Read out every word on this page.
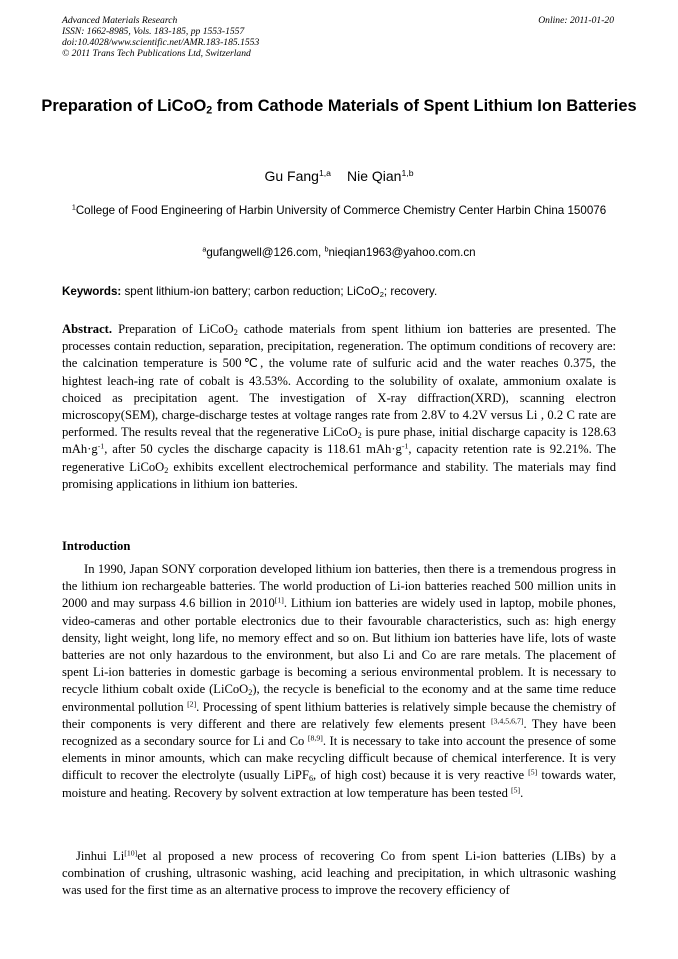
Advanced Materials Research
ISSN: 1662-8985, Vols. 183-185, pp 1553-1557
doi:10.4028/www.scientific.net/AMR.183-185.1553
© 2011 Trans Tech Publications Ltd, Switzerland
Online: 2011-01-20
Preparation of LiCoO$_2$ from Cathode Materials of Spent Lithium Ion Batteries
Gu Fang$^{1,a}$ Nie Qian$^{1,b}$
$^1$College of Food Engineering of Harbin University of Commerce Chemistry Center Harbin China 150076
$^a$gufangwell@126.com, $^b$nieqian1963@yahoo.com.cn
Keywords: spent lithium-ion battery; carbon reduction; LiCoO$_2$; recovery.
Abstract. Preparation of LiCoO$_2$ cathode materials from spent lithium ion batteries are presented. The processes contain reduction, separation, precipitation, regeneration. The optimum conditions of recovery are: the calcination temperature is 500℃, the volume rate of sulfuric acid and the water reaches 0.375, the hightest leach-ing rate of cobalt is 43.53%. According to the solubility of oxalate, ammonium oxalate is choiced as precipitation agent. The investigation of X-ray diffraction(XRD), scanning electron microscopy(SEM), charge-discharge testes at voltage ranges rate from 2.8V to 4.2V versus Li , 0.2 C rate are performed. The results reveal that the regenerative LiCoO$_2$ is pure phase, initial discharge capacity is 128.63 $mAh\cdot g^{-1}$, after 50 cycles the discharge capacity is 118.61 $mAh\cdot g^{-1}$, capacity retention rate is 92.21%. The regenerative LiCoO$_2$ exhibits excellent electrochemical performance and stability. The materials may find promising applications in lithium ion batteries.
Introduction
In 1990, Japan SONY corporation developed lithium ion batteries, then there is a tremendous progress in the lithium ion rechargeable batteries. The world production of Li-ion batteries reached 500 million units in 2000 and may surpass 4.6 billion in 2010[1]. Lithium ion batteries are widely used in laptop, mobile phones, video-cameras and other portable electronics due to their favourable characteristics, such as: high energy density, light weight, long life, no memory effect and so on. But lithium ion batteries have life, lots of waste batteries are not only hazardous to the environment, but also Li and Co are rare metals. The placement of spent Li-ion batteries in domestic garbage is becoming a serious environmental problem. It is necessary to recycle lithium cobalt oxide (LiCoO$_2$), the recycle is beneficial to the economy and at the same time reduce environmental pollution [2]. Processing of spent lithium batteries is relatively simple because the chemistry of their components is very different and there are relatively few elements present [3,4,5,6,7]. They have been recognized as a secondary source for Li and Co [8,9]. It is necessary to take into account the presence of some elements in minor amounts, which can make recycling difficult because of chemical interference. It is very difficult to recover the electrolyte (usually LiPF$_6$, of high cost) because it is very reactive [5] towards water, moisture and heating. Recovery by solvent extraction at low temperature has been tested [5].
Jinhui Li[10]et al proposed a new process of recovering Co from spent Li-ion batteries (LIBs) by a combination of crushing, ultrasonic washing, acid leaching and precipitation, in which ultrasonic washing was used for the first time as an alternative process to improve the recovery efficiency of
